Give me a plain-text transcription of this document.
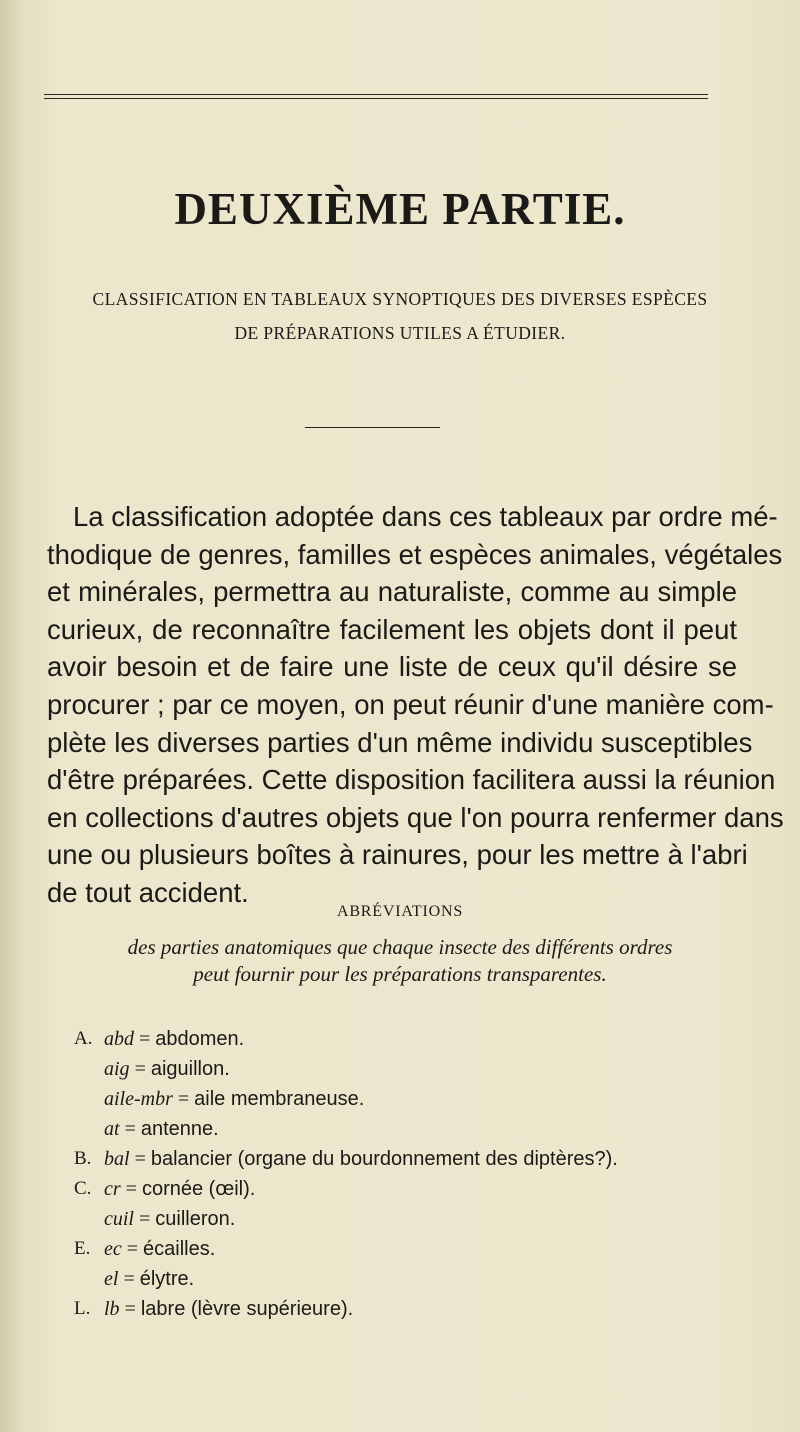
DEUXIÈME PARTIE.
CLASSIFICATION EN TABLEAUX SYNOPTIQUES DES DIVERSES ESPÈCES
DE PRÉPARATIONS UTILES A ÉTUDIER.
La classification adoptée dans ces tableaux par ordre mé-
thodique de genres, familles et espèces animales, végétales
et minérales, permettra au naturaliste, comme au simple
curieux, de reconnaître facilement les objets dont il peut
avoir besoin et de faire une liste de ceux qu'il désire se
procurer ; par ce moyen, on peut réunir d'une manière com-
plète les diverses parties d'un même individu susceptibles
d'être préparées. Cette disposition facilitera aussi la réunion
en collections d'autres objets que l'on pourra renfermer dans
une ou plusieurs boîtes à rainures, pour les mettre à l'abri
de tout accident.
ABRÉVIATIONS
des parties anatomiques que chaque insecte des différents ordres
peut fournir pour les préparations transparentes.
A. abd = abdomen.
aig = aiguillon.
aile-mbr = aile membraneuse.
at = antenne.
B. bal = balancier (organe du bourdonnement des diptères?).
C. cr = cornée (œil).
cuil = cuilleron.
E. ec = écailles.
el = élytre.
L. lb = labre (lèvre supérieure).
